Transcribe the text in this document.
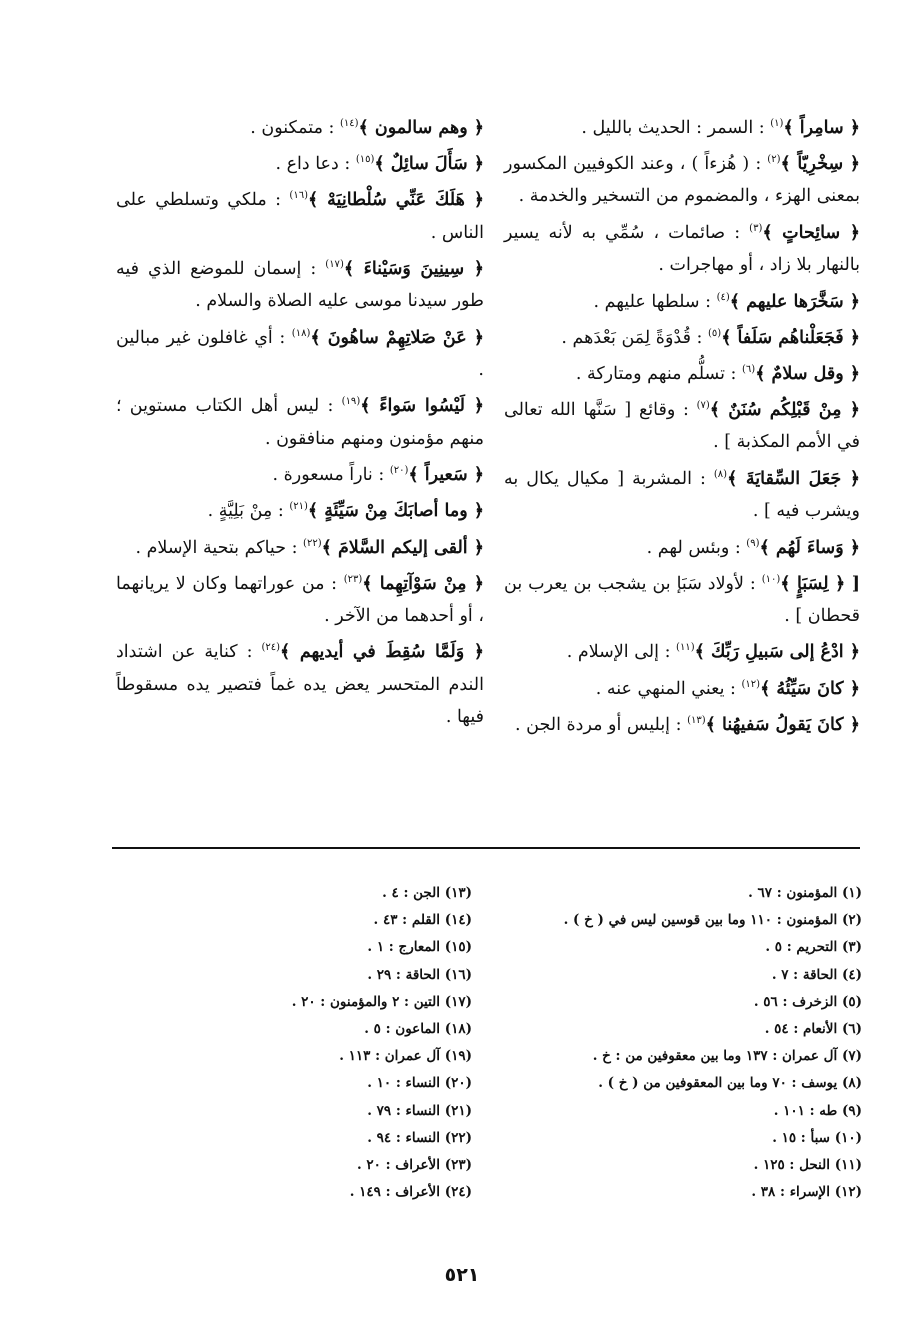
﴿ سامِراً ﴾$^{(١)}$ : السمر : الحديث بالليل .

﴿ سِخْرِيّاً ﴾$^{(٢)}$ : ( هُزءاً ) ، وعند الكوفيين المكسور بمعنى الهزء ، والمضموم من التسخير والخدمة .

﴿ سائِحاتٍ ﴾$^{(٣)}$ : صائمات ، سُمِّي به لأنه يسير بالنهار بلا زاد ، أو مهاجرات .

﴿ سَخَّرَها عليهم ﴾$^{(٤)}$ : سلطها عليهم .

﴿ فَجَعَلْناهُم سَلَفاً ﴾$^{(٥)}$ : قُدْوَةً لِمَن بَعْدَهم .

﴿ وقل سلامٌ ﴾$^{(٦)}$ : تسلُّم منهم ومتاركة .

﴿ مِنْ قَبْلِكُم سُنَنٌ ﴾$^{(٧)}$ : وقائع [ سَنَّها الله تعالى في الأمم المكذبة ] .

﴿ جَعَلَ السِّقايَةَ ﴾$^{(٨)}$ : المشربة [ مكيال يكال به ويشرب فيه ] .

﴿ وَساءَ لَهُم ﴾$^{(٩)}$ : وبئس لهم .

[ ﴿ لِسَبَإٍ ﴾$^{(١٠)}$ : لأولاد سَبَإ بن يشجب بن يعرب بن قحطان ] .

﴿ ادْعُ إلى سَبيلِ رَبِّكَ ﴾$^{(١١)}$ : إلى الإسلام .

﴿ كانَ سَيِّئُهُ ﴾$^{(١٢)}$ : يعني المنهي عنه .

﴿ كانَ يَقولُ سَفيهُنا ﴾$^{(١٣)}$ : إبليس أو مردة الجن .

﴿ وهم سالمون ﴾$^{(١٤)}$ : متمكنون .

﴿ سَأَلَ سائِلٌ ﴾$^{(١٥)}$ : دعا داع .

﴿ هَلَكَ عَنِّي سُلْطانِيَهْ ﴾$^{(١٦)}$ : ملكي وتسلطي على الناس .

﴿ سِينِينَ وَسَيْناءَ ﴾$^{(١٧)}$ : إسمان للموضع الذي فيه طور سيدنا موسى عليه الصلاة والسلام .

﴿ عَنْ صَلاتِهِمْ ساهُونَ ﴾$^{(١٨)}$ : أي غافلون غير مبالين .

﴿ لَيْسُوا سَواءً ﴾$^{(١٩)}$ : ليس أهل الكتاب مستوين ؛ منهم مؤمنون ومنهم منافقون .

﴿ سَعيراً ﴾$^{(٢٠)}$ : ناراً مسعورة .

﴿ وما أصابَكَ مِنْ سَيِّئَةٍ ﴾$^{(٢١)}$ : مِنْ بَلِيَّةٍ .

﴿ ألقى إليكم السَّلامَ ﴾$^{(٢٢)}$ : حياكم بتحية الإسلام .

﴿ مِنْ سَوْآتِهِما ﴾$^{(٢٣)}$ : من عوراتهما وكان لا يريانهما ، أو أحدهما من الآخر .

﴿ وَلَمَّا سُقِطَ في أيديهم ﴾$^{(٢٤)}$ : كناية عن اشتداد الندم المتحسر يعض يده غماً فتصير يده مسقوطاً فيها .

(١) المؤمنون : ٦٧ .
(٢) المؤمنون : ١١٠ وما بين قوسين ليس في ( خ ) .
(٣) التحريم : ٥ .
(٤) الحاقة : ٧ .
(٥) الزخرف : ٥٦ .
(٦) الأنعام : ٥٤ .
(٧) آل عمران : ١٣٧ وما بين معقوفين من : خ .
(٨) يوسف : ٧٠ وما بين المعقوفين من ( خ ) .
(٩) طه : ١٠١ .
(١٠) سبأ : ١٥ .
(١١) النحل : ١٢٥ .
(١٢) الإسراء : ٣٨ .
(١٣) الجن : ٤ .
(١٤) القلم : ٤٣ .
(١٥) المعارج : ١ .
(١٦) الحاقة : ٢٩ .
(١٧) التين : ٢ والمؤمنون : ٢٠ .
(١٨) الماعون : ٥ .
(١٩) آل عمران : ١١٣ .
(٢٠) النساء : ١٠ .
(٢١) النساء : ٧٩ .
(٢٢) النساء : ٩٤ .
(٢٣) الأعراف : ٢٠ .
(٢٤) الأعراف : ١٤٩ .
٥٢١
